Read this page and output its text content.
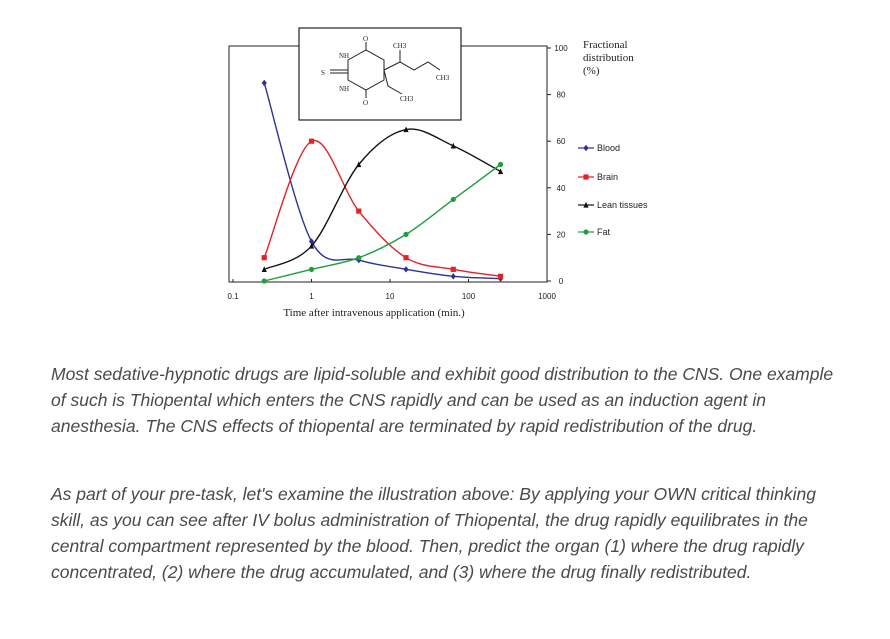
0.1	1	10	100	1000
0
20
40
60
80
100
O
O
S
NH
NH
CH3
CH3
CH3
Blood
Brain
Lean tissues
Fat
Fractional
distribution
(%)
Time after intravenous application (min.)

Most sedative-hypnotic drugs are lipid-soluble and exhibit good distribution to the CNS. One example of such is Thiopental which enters the CNS rapidly and can be used as an induction agent in anesthesia. The CNS effects of thiopental are terminated by rapid redistribution of the drug.

As part of your pre-task, let's examine the illustration above: By applying your OWN critical thinking skill, as you can see after IV bolus administration of Thiopental, the drug rapidly equilibrates in the central compartment represented by the blood. Then, predict the organ (1) where the drug rapidly concentrated, (2) where the drug accumulated, and (3) where the drug finally redistributed.
